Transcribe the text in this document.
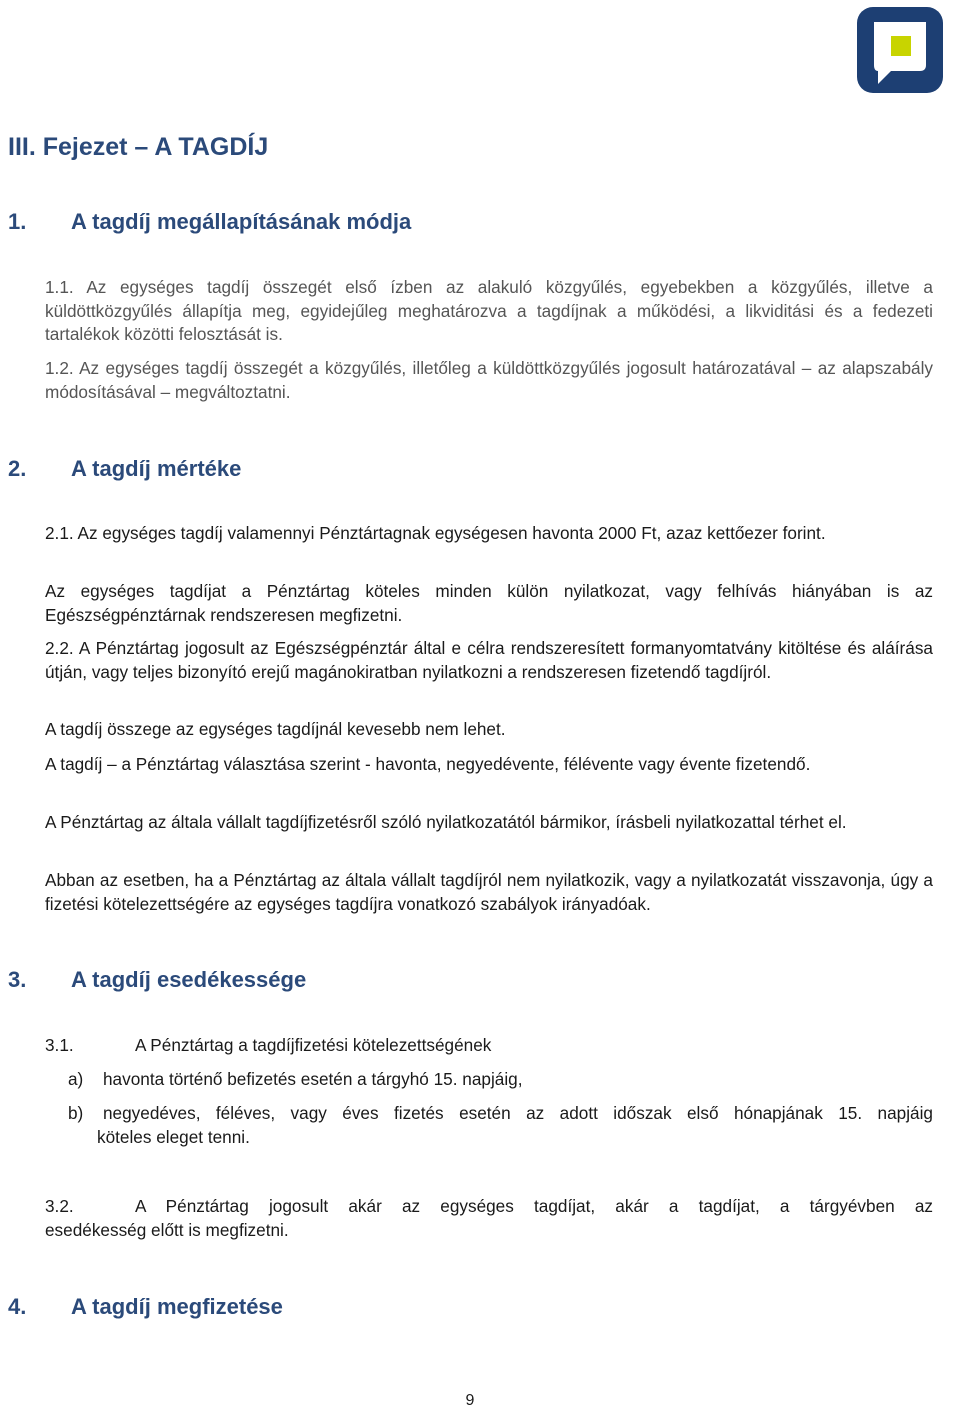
III. Fejezet – A TAGDÍJ
1. A tagdíj megállapításának módja

1.1. Az egységes tagdíj összegét első ízben az alakuló közgyűlés, egyebekben a közgyűlés, illetve a küldöttközgyűlés állapítja meg, egyidejűleg meghatározva a tagdíjnak a működési, a likviditási és a fedezeti tartalékok közötti felosztását is.

1.2. Az egységes tagdíj összegét a közgyűlés, illetőleg a küldöttközgyűlés jogosult határozatával – az alapszabály módosításával – megváltoztatni.

2. A tagdíj mértéke

2.1. Az egységes tagdíj valamennyi Pénztártagnak egységesen havonta 2000 Ft, azaz kettőezer forint.

Az egységes tagdíjat a Pénztártag köteles minden külön nyilatkozat, vagy felhívás hiányában is az Egészségpénztárnak rendszeresen megfizetni.

2.2. A Pénztártag jogosult az Egészségpénztár által e célra rendszeresített formanyomtatvány kitöltése és aláírása útján, vagy teljes bizonyító erejű magánokiratban nyilatkozni a rendszeresen fizetendő tagdíjról.

A tagdíj összege az egységes tagdíjnál kevesebb nem lehet.

A tagdíj – a Pénztártag választása szerint - havonta, negyedévente, félévente vagy évente fizetendő.

A Pénztártag az általa vállalt tagdíjfizetésről szóló nyilatkozatától bármikor, írásbeli nyilatkozattal térhet el.

Abban az esetben, ha a Pénztártag az általa vállalt tagdíjról nem nyilatkozik, vagy a nyilatkozatát visszavonja, úgy a fizetési kötelezettségére az egységes tagdíjra vonatkozó szabályok irányadóak.

3. A tagdíj esedékessége

3.1.	A Pénztártag a tagdíjfizetési kötelezettségének

a) havonta történő befizetés esetén a tárgyhó 15. napjáig,
b) negyedéves, féléves, vagy éves fizetés esetén az adott időszak első hónapjának 15. napjáig
köteles eleget tenni.
3.2.	A Pénztártag jogosult akár az egységes tagdíjat, akár a tagdíjat, a tárgyévben az
esedékesség előtt is megfizetni.
4. A tagdíj megfizetése
9
